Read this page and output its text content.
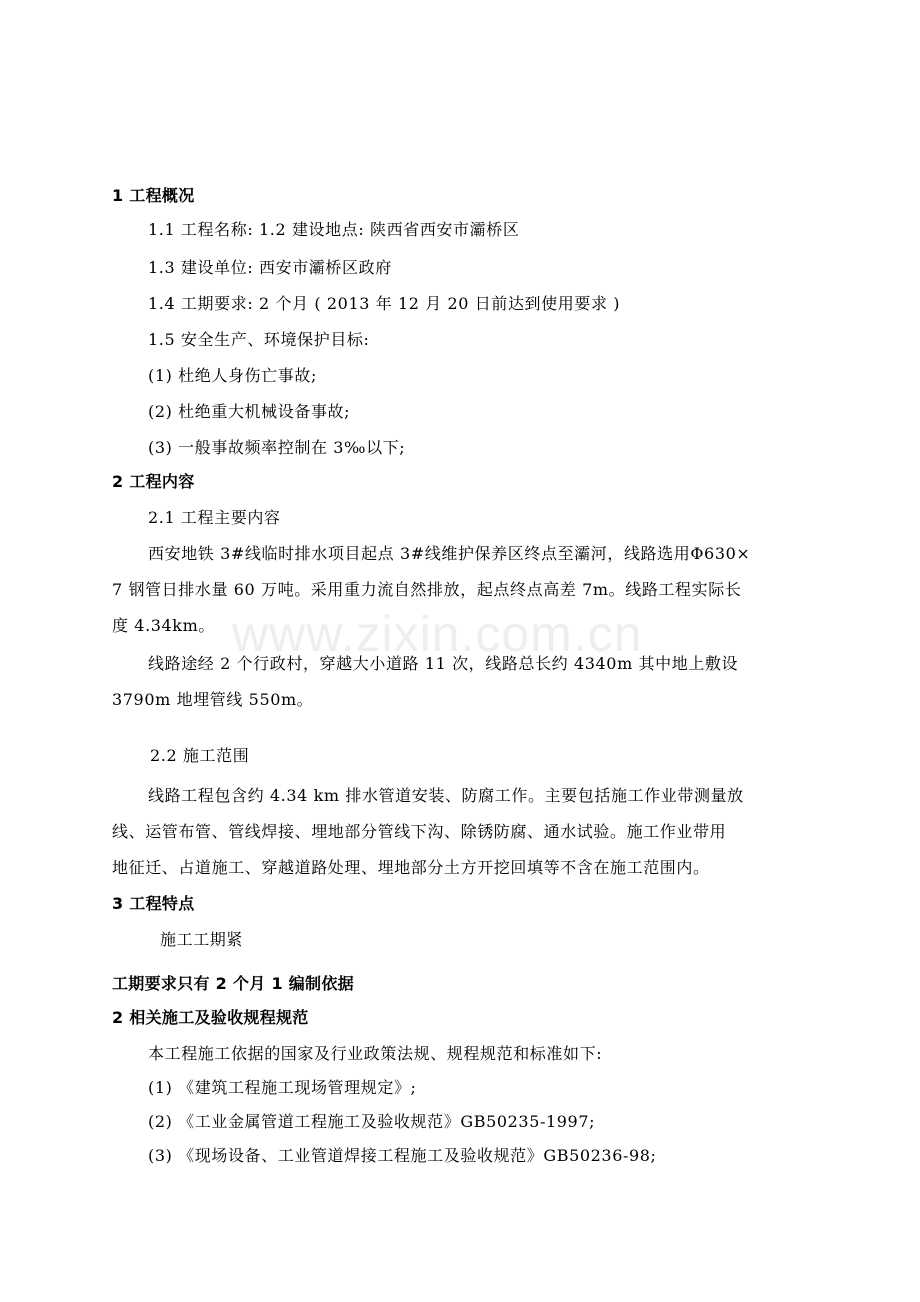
www.zixin.com.cn
1 工程概况
1.1 工程名称: 1.2 建设地点: 陕西省西安市灞桥区
1.3 建设单位: 西安市灞桥区政府
1.4 工期要求: 2 个月 ( 2013 年 12 月 20 日前达到使用要求 )
1.5 安全生产、环境保护目标:
(1) 杜绝人身伤亡事故;
(2) 杜绝重大机械设备事故;
(3) 一般事故频率控制在 3‰以下;
2 工程内容
2.1 工程主要内容
西安地铁 3#线临时排水项目起点 3#线维护保养区终点至灞河，线路选用Φ630×
7 钢管日排水量 60 万吨。采用重力流自然排放，起点终点高差 7m。线路工程实际长
度 4.34km。
线路途经 2 个行政村，穿越大小道路 11 次，线路总长约 4340m 其中地上敷设
3790m 地埋管线 550m。
2.2 施工范围
线路工程包含约 4.34 km 排水管道安装、防腐工作。主要包括施工作业带测量放
线、运管布管、管线焊接、埋地部分管线下沟、除锈防腐、通水试验。施工作业带用
地征迁、占道施工、穿越道路处理、埋地部分土方开挖回填等不含在施工范围内。
3 工程特点
施工工期紧
工期要求只有 2 个月 1 编制依据
2 相关施工及验收规程规范
本工程施工依据的国家及行业政策法规、规程规范和标准如下:
(1) 《建筑工程施工现场管理规定》;
(2) 《工业金属管道工程施工及验收规范》GB50235-1997;
(3) 《现场设备、工业管道焊接工程施工及验收规范》GB50236-98;
